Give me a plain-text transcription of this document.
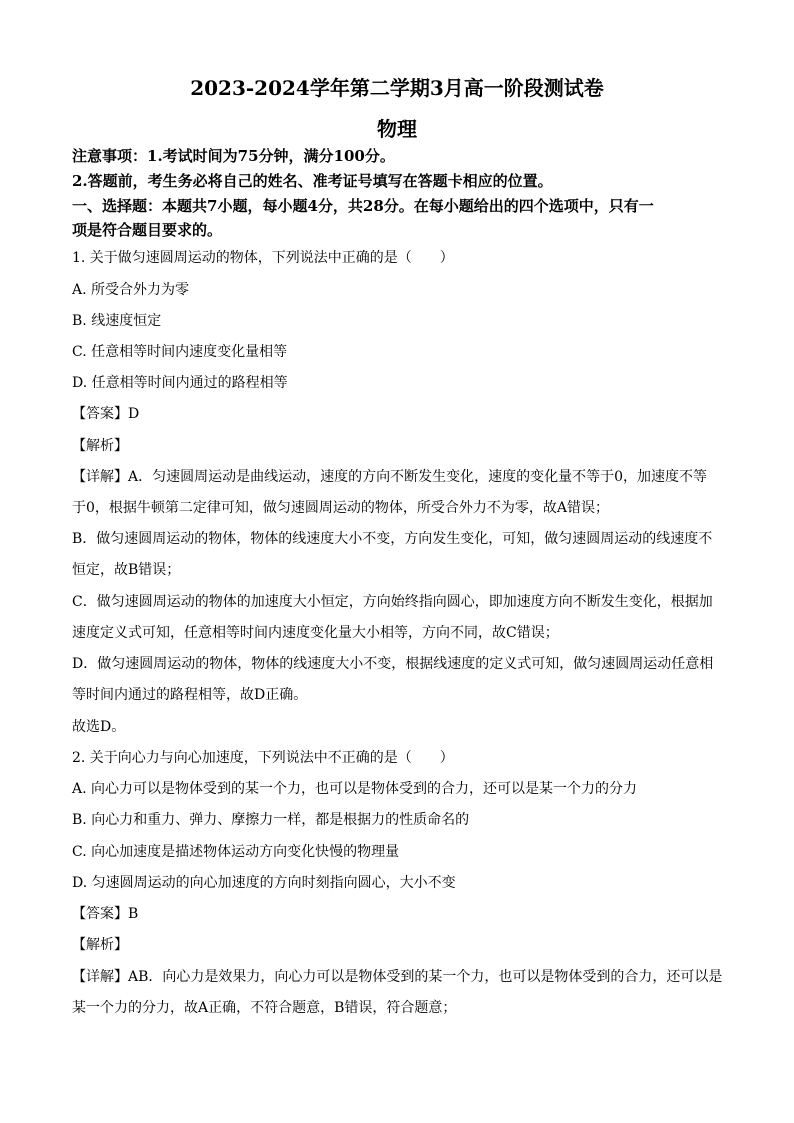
2023-2024学年第二学期3月高一阶段测试卷
物理
注意事项：1.考试时间为75分钟，满分100分。
2.答题前，考生务必将自己的姓名、准考证号填写在答题卡相应的位置。
一、选择题：本题共7小题，每小题4分，共28分。在每小题给出的四个选项中，只有一
项是符合题目要求的。
1. 关于做匀速圆周运动的物体，下列说法中正确的是（　　）
A. 所受合外力为零
B. 线速度恒定
C. 任意相等时间内速度变化量相等
D. 任意相等时间内通过的路程相等
【答案】D
【解析】
【详解】A．匀速圆周运动是曲线运动，速度的方向不断发生变化，速度的变化量不等于0，加速度不等
于0，根据牛顿第二定律可知，做匀速圆周运动的物体，所受合外力不为零，故A错误；
B．做匀速圆周运动的物体，物体的线速度大小不变，方向发生变化，可知，做匀速圆周运动的线速度不
恒定，故B错误；
C．做匀速圆周运动的物体的加速度大小恒定，方向始终指向圆心，即加速度方向不断发生变化，根据加
速度定义式可知，任意相等时间内速度变化量大小相等，方向不同，故C错误；
D．做匀速圆周运动的物体，物体的线速度大小不变，根据线速度的定义式可知，做匀速圆周运动任意相
等时间内通过的路程相等，故D正确。
故选D。
2. 关于向心力与向心加速度，下列说法中不正确的是（　　）
A. 向心力可以是物体受到的某一个力，也可以是物体受到的合力，还可以是某一个力的分力
B. 向心力和重力、弹力、摩擦力一样，都是根据力的性质命名的
C. 向心加速度是描述物体运动方向变化快慢的物理量
D. 匀速圆周运动的向心加速度的方向时刻指向圆心，大小不变
【答案】B
【解析】
【详解】AB．向心力是效果力，向心力可以是物体受到的某一个力，也可以是物体受到的合力，还可以是
某一个力的分力，故A正确，不符合题意，B错误，符合题意；
